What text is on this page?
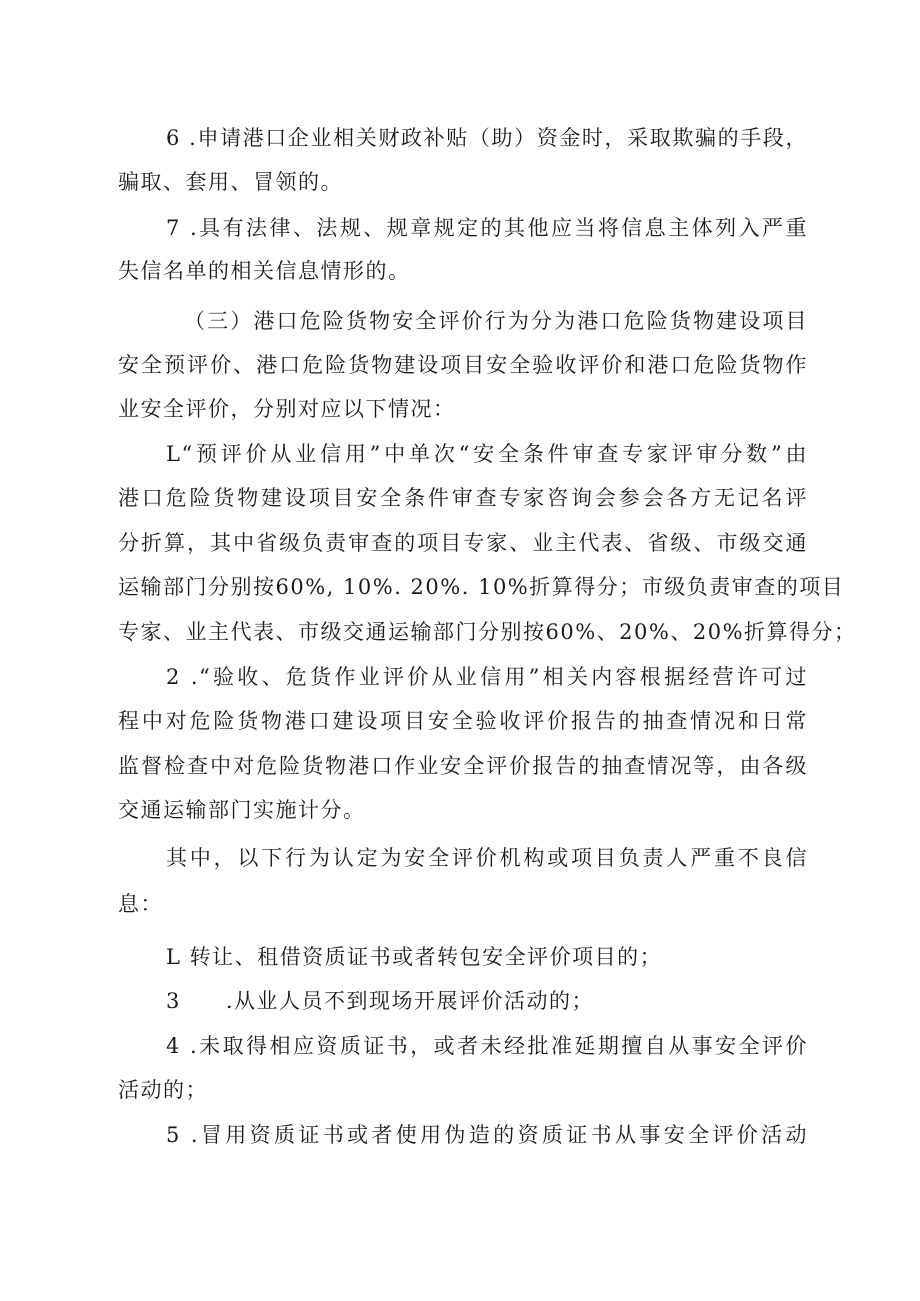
6 .申请港口企业相关财政补贴（助）资金时，采取欺骗的手段，
骗取、套用、冒领的。
7 .具有法律、法规、规章规定的其他应当将信息主体列入严重
失信名单的相关信息情形的。
（三）港口危险货物安全评价行为分为港口危险货物建设项目
安全预评价、港口危险货物建设项目安全验收评价和港口危险货物作
业安全评价，分别对应以下情况：
L“预评价从业信用”中单次“安全条件审查专家评审分数”由
港口危险货物建设项目安全条件审查专家咨询会参会各方无记名评
分折算，其中省级负责审查的项目专家、业主代表、省级、市级交通
运输部门分别按60%, 10%. 20%. 10%折算得分；市级负责审查的项目
专家、业主代表、市级交通运输部门分别按60%、20%、20%折算得分；
2 .“验收、危货作业评价从业信用”相关内容根据经营许可过
程中对危险货物港口建设项目安全验收评价报告的抽查情况和日常
监督检查中对危险货物港口作业安全评价报告的抽查情况等，由各级
交通运输部门实施计分。
其中，以下行为认定为安全评价机构或项目负责人严重不良信
息：
L 转让、租借资质证书或者转包安全评价项目的；
3  .从业人员不到现场开展评价活动的；
4 .未取得相应资质证书，或者未经批准延期擅自从事安全评价
活动的；
5 .冒用资质证书或者使用伪造的资质证书从事安全评价活动
